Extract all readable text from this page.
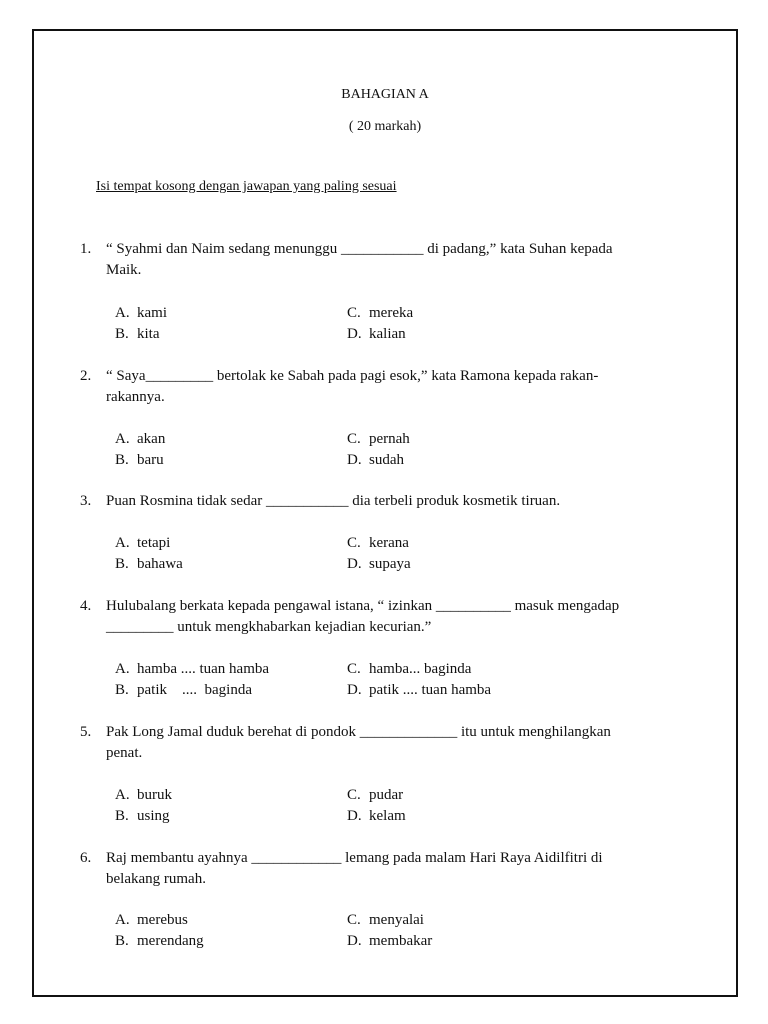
BAHAGIAN A
( 20 markah)
Isi tempat kosong dengan jawapan yang paling sesuai
1. “ Syahmi dan Naim sedang menunggu ___________ di padang,” kata Suhan kepada Maik.
A. kami
B. kita
C. mereka
D. kalian
2. “ Saya_________ bertolak ke Sabah pada pagi esok,” kata Ramona kepada rakan-rakannya.
A. akan
B. baru
C. pernah
D. sudah
3. Puan Rosmina tidak sedar ___________ dia terbeli produk kosmetik tiruan.
A. tetapi
B. bahawa
C. kerana
D. supaya
4. Hulubalang berkata kepada pengawal istana, “ izinkan __________ masuk mengadap _________ untuk mengkhabarkan kejadian kecurian.”
A. hamba .... tuan hamba
B. patik    ....  baginda
C. hamba... baginda
D. patik .... tuan hamba
5. Pak Long Jamal duduk berehat di pondok _____________ itu untuk menghilangkan penat.
A. buruk
B. using
C. pudar
D. kelam
6. Raj membantu ayahnya ____________ lemang pada malam Hari Raya Aidilfitri di belakang rumah.
A. merebus
B. merendang
C. menyalai
D. membakar
